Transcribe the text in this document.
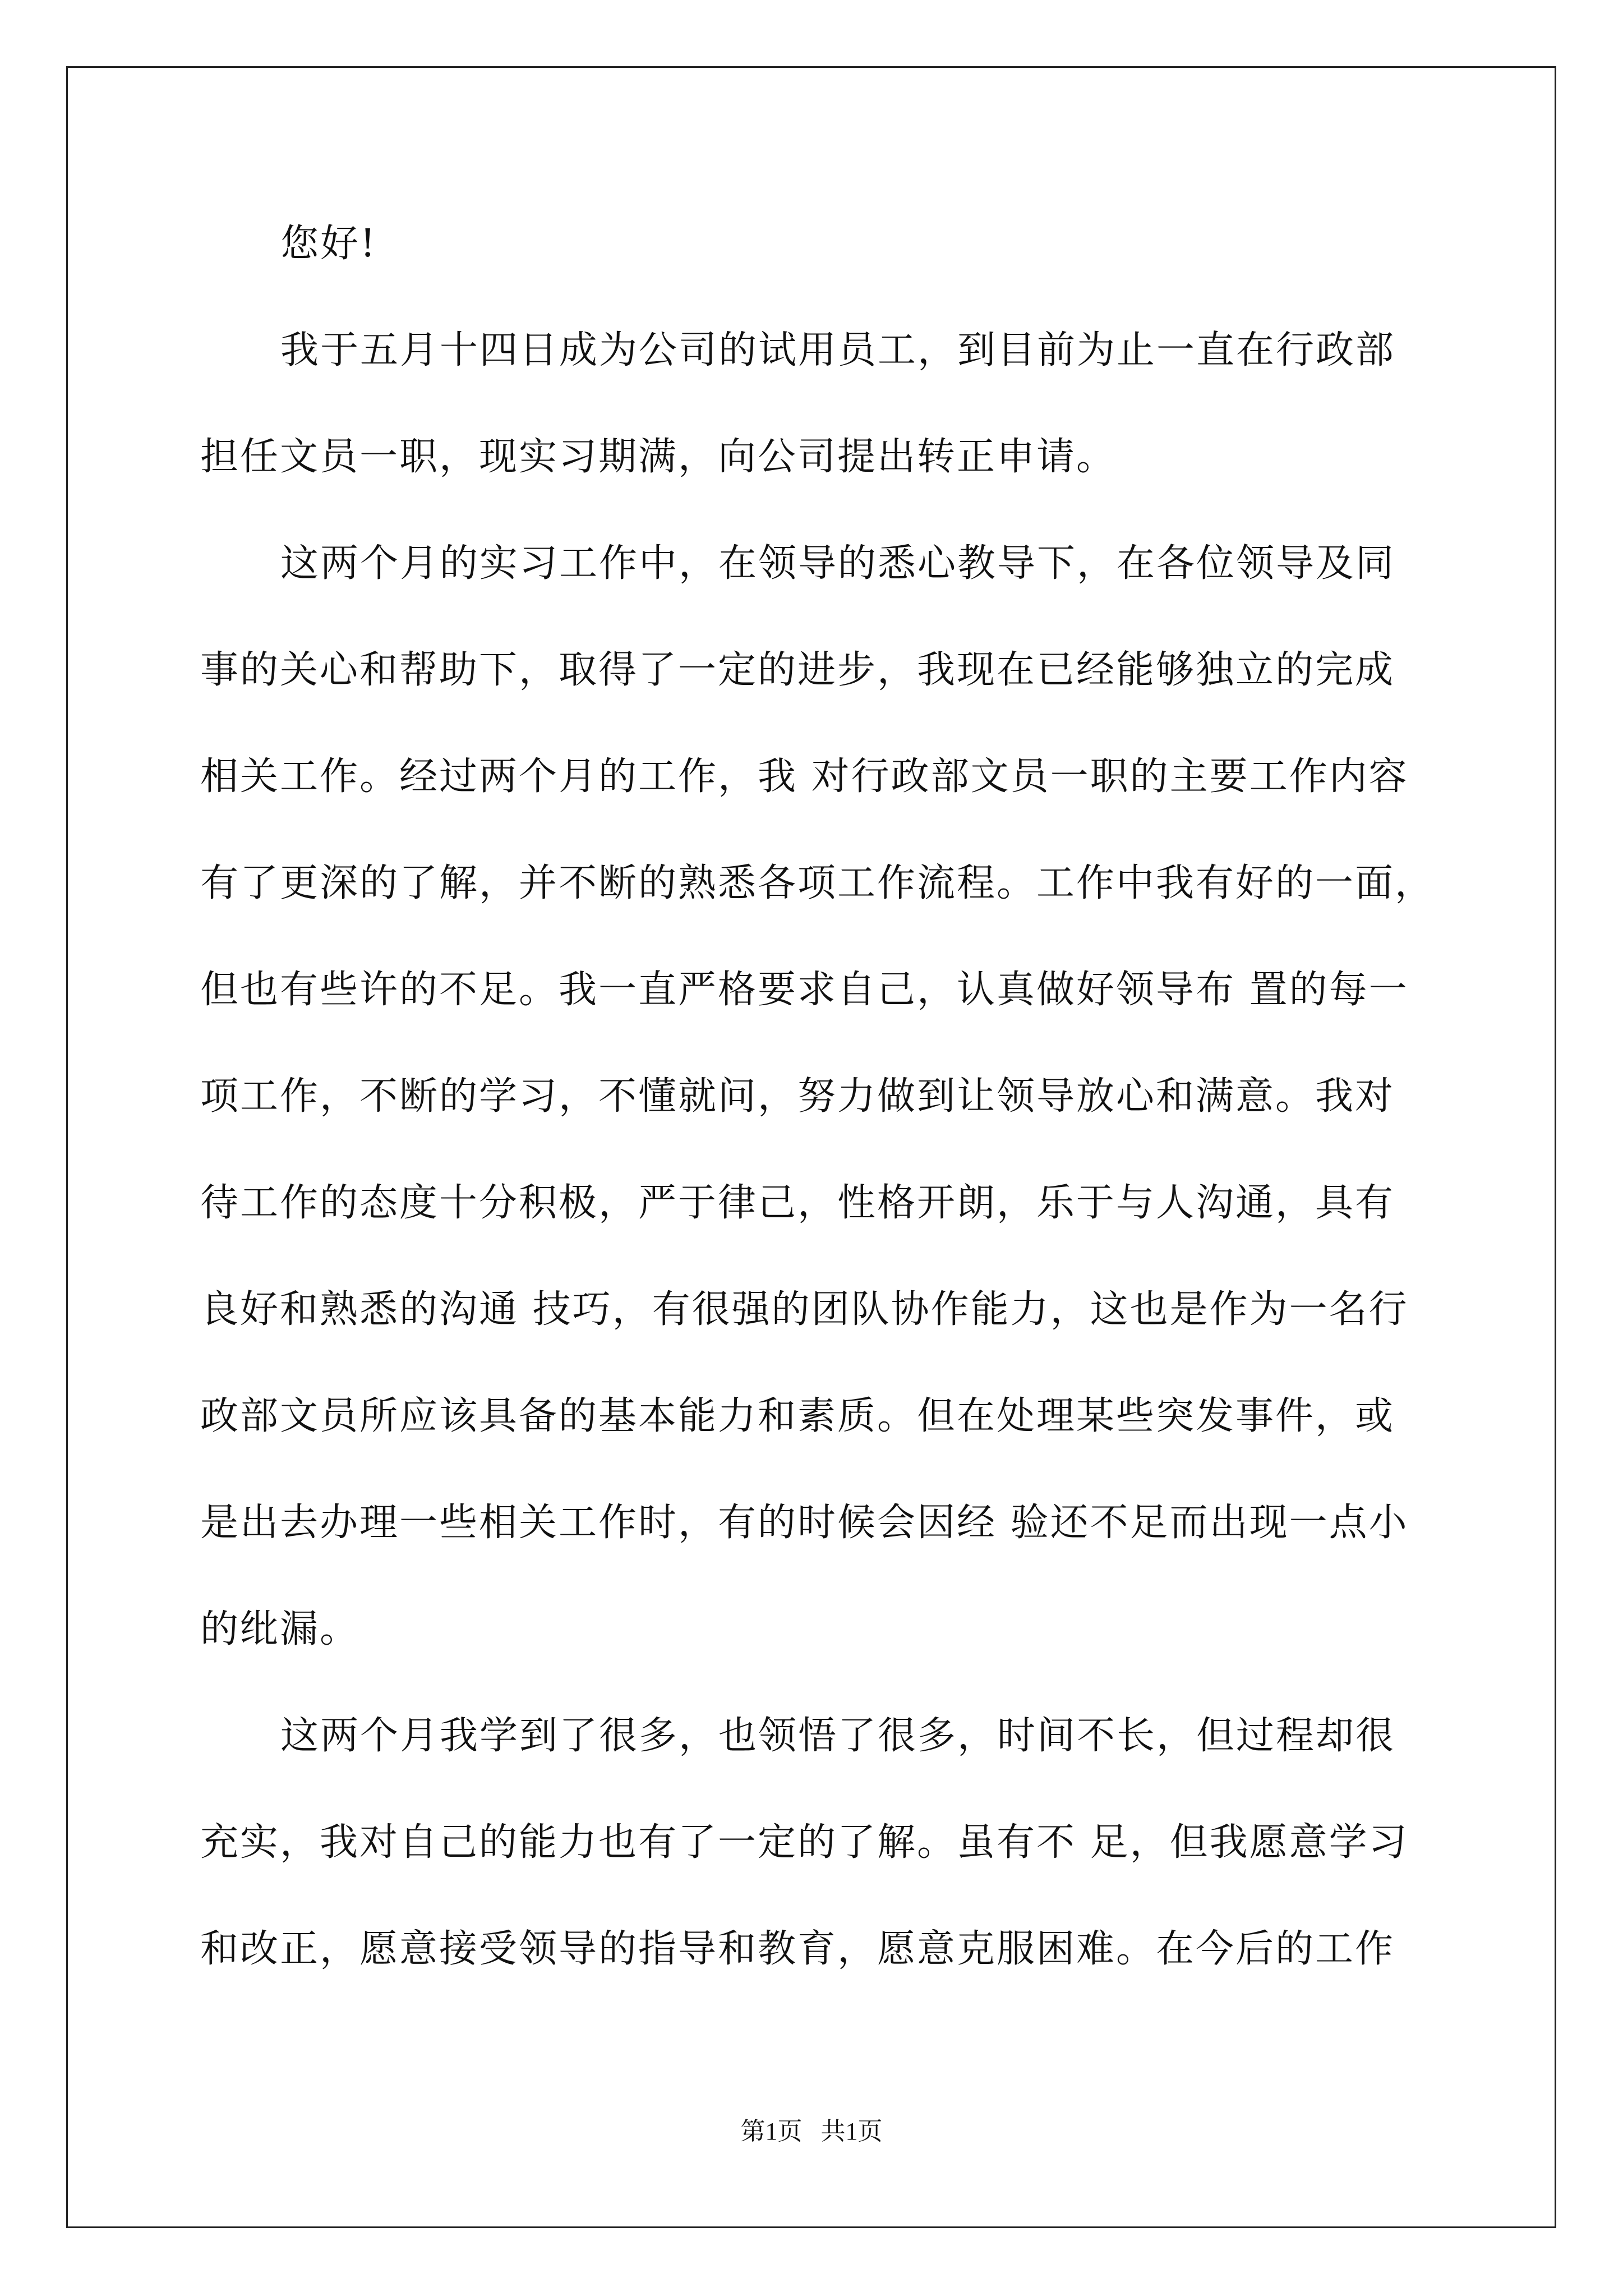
您好!
我于五月十四日成为公司的试用员工，到目前为止一直在行政部
担任文员一职，现实习期满，向公司提出转正申请。
这两个月的实习工作中，在领导的悉心教导下，在各位领导及同
事的关心和帮助下，取得了一定的进步，我现在已经能够独立的完成
相关工作。经过两个月的工作，我 对行政部文员一职的主要工作内容
有了更深的了解，并不断的熟悉各项工作流程。工作中我有好的一面，
但也有些许的不足。我一直严格要求自己，认真做好领导布 置的每一
项工作，不断的学习，不懂就问，努力做到让领导放心和满意。我对
待工作的态度十分积极，严于律己，性格开朗，乐于与人沟通，具有
良好和熟悉的沟通 技巧，有很强的团队协作能力，这也是作为一名行
政部文员所应该具备的基本能力和素质。但在处理某些突发事件，或
是出去办理一些相关工作时，有的时候会因经 验还不足而出现一点小
的纰漏。
这两个月我学到了很多，也领悟了很多，时间不长，但过程却很
充实，我对自己的能力也有了一定的了解。虽有不 足，但我愿意学习
和改正，愿意接受领导的指导和教育，愿意克服困难。在今后的工作
第1页   共1页
